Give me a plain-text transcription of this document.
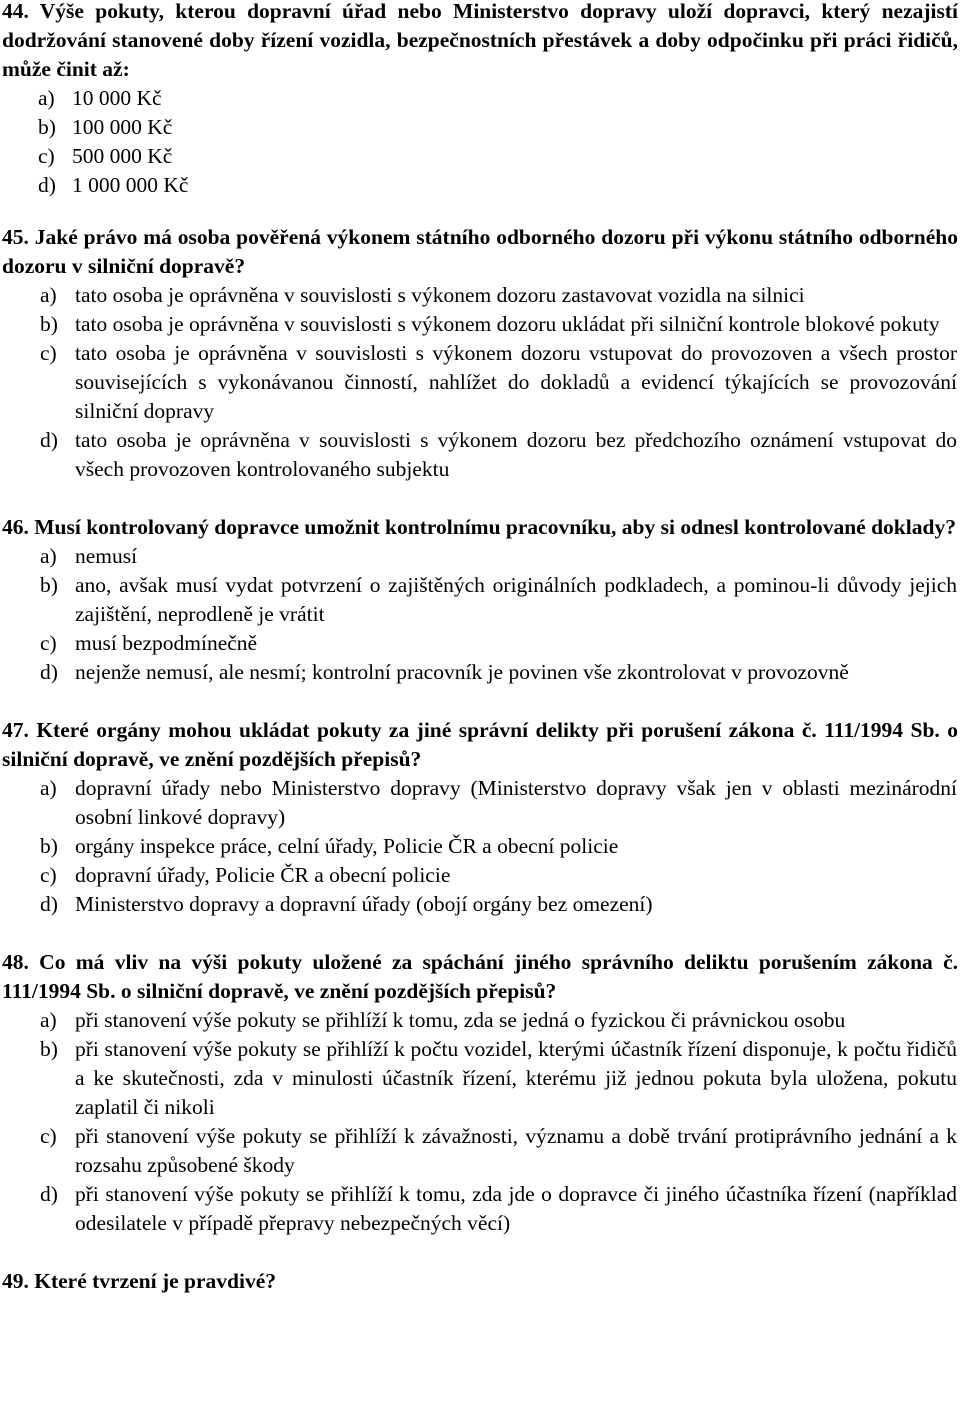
44. Výše pokuty, kterou dopravní úřad nebo Ministerstvo dopravy uloží dopravci, který nezajistí dodržování stanovené doby řízení vozidla, bezpečnostních přestávek a doby odpočinku při práci řidičů, může činit až:

a) 10 000 Kč
b) 100 000 Kč
c) 500 000 Kč
d) 1 000 000 Kč

45. Jaké právo má osoba pověřená výkonem státního odborného dozoru při výkonu státního odborného dozoru v silniční dopravě?

a) tato osoba je oprávněna v souvislosti s výkonem dozoru zastavovat vozidla na silnici
b) tato osoba je oprávněna v souvislosti s výkonem dozoru ukládat při silniční kontrole blokové pokuty
c) tato osoba je oprávněna v souvislosti s výkonem dozoru vstupovat do provozoven a všech prostor souvisejících s vykonávanou činností, nahlížet do dokladů a evidencí týkajících se provozování silniční dopravy
d) tato osoba je oprávněna v souvislosti s výkonem dozoru bez předchozího oznámení vstupovat do všech provozoven kontrolovaného subjektu

46. Musí kontrolovaný dopravce umožnit kontrolnímu pracovníku, aby si odnesl kontrolované doklady?

a) nemusí
b) ano, avšak musí vydat potvrzení o zajištěných originálních podkladech, a pominou-li důvody jejich zajištění, neprodleně je vrátit
c) musí bezpodmínečně
d) nejenže nemusí, ale nesmí; kontrolní pracovník je povinen vše zkontrolovat v provozovně

47. Které orgány mohou ukládat pokuty za jiné správní delikty při porušení zákona č. 111/1994 Sb. o silniční dopravě, ve znění pozdějších přepisů?

a) dopravní úřady nebo Ministerstvo dopravy (Ministerstvo dopravy však jen v oblasti mezinárodní osobní linkové dopravy)
b) orgány inspekce práce, celní úřady, Policie ČR a obecní policie
c) dopravní úřady, Policie ČR a obecní policie
d) Ministerstvo dopravy a dopravní úřady (obojí orgány bez omezení)

48. Co má vliv na výši pokuty uložené za spáchání jiného správního deliktu porušením zákona č. 111/1994 Sb. o silniční dopravě, ve znění pozdějších přepisů?

a) při stanovení výše pokuty se přihlíží k tomu, zda se jedná o fyzickou či právnickou osobu
b) při stanovení výše pokuty se přihlíží k počtu vozidel, kterými účastník řízení disponuje, k počtu řidičů a ke skutečnosti, zda v minulosti účastník řízení, kterému již jednou pokuta byla uložena, pokutu zaplatil či nikoli
c) při stanovení výše pokuty se přihlíží k závažnosti, významu a době trvání protiprávního jednání a k rozsahu způsobené škody
d) při stanovení výše pokuty se přihlíží k tomu, zda jde o dopravce či jiného účastníka řízení (například odesilatele v případě přepravy nebezpečných věcí)

49. Které tvrzení je pravdivé?
